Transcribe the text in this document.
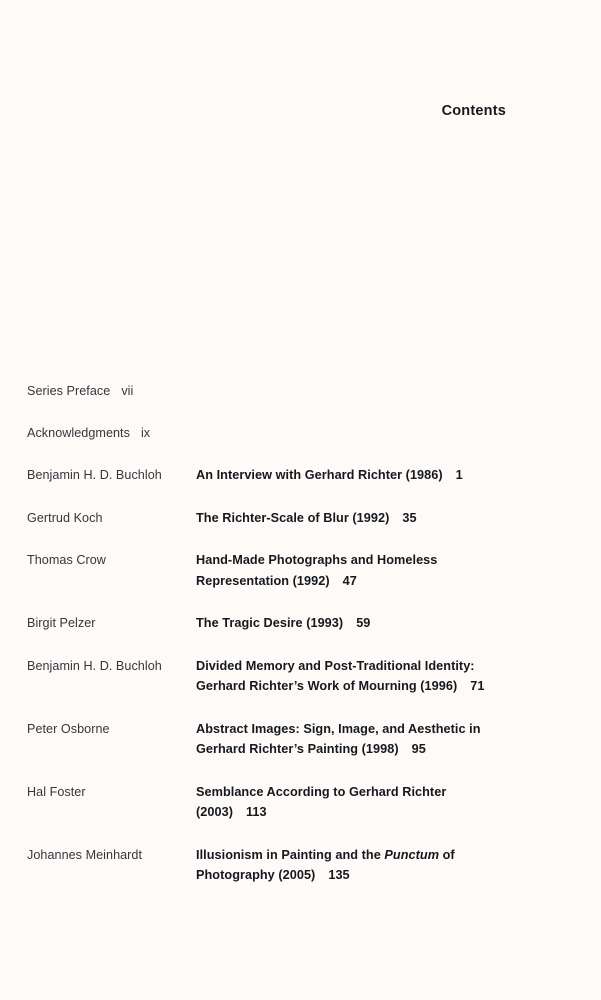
Contents
Series Preface vii
Acknowledgments ix
Benjamin H. D. Buchloh	An Interview with Gerhard Richter (1986) 1
Gertrud Koch	The Richter-Scale of Blur (1992) 35
Thomas Crow	Hand-Made Photographs and Homeless
Representation (1992) 47
Birgit Pelzer	The Tragic Desire (1993) 59
Benjamin H. D. Buchloh	Divided Memory and Post-Traditional Identity:
Gerhard Richter’s Work of Mourning (1996) 71
Peter Osborne	Abstract Images: Sign, Image, and Aesthetic in
Gerhard Richter’s Painting (1998) 95
Hal Foster	Semblance According to Gerhard Richter
(2003) 113
Johannes Meinhardt	Illusionism in Painting and the Punctum of
Photography (2005) 135
